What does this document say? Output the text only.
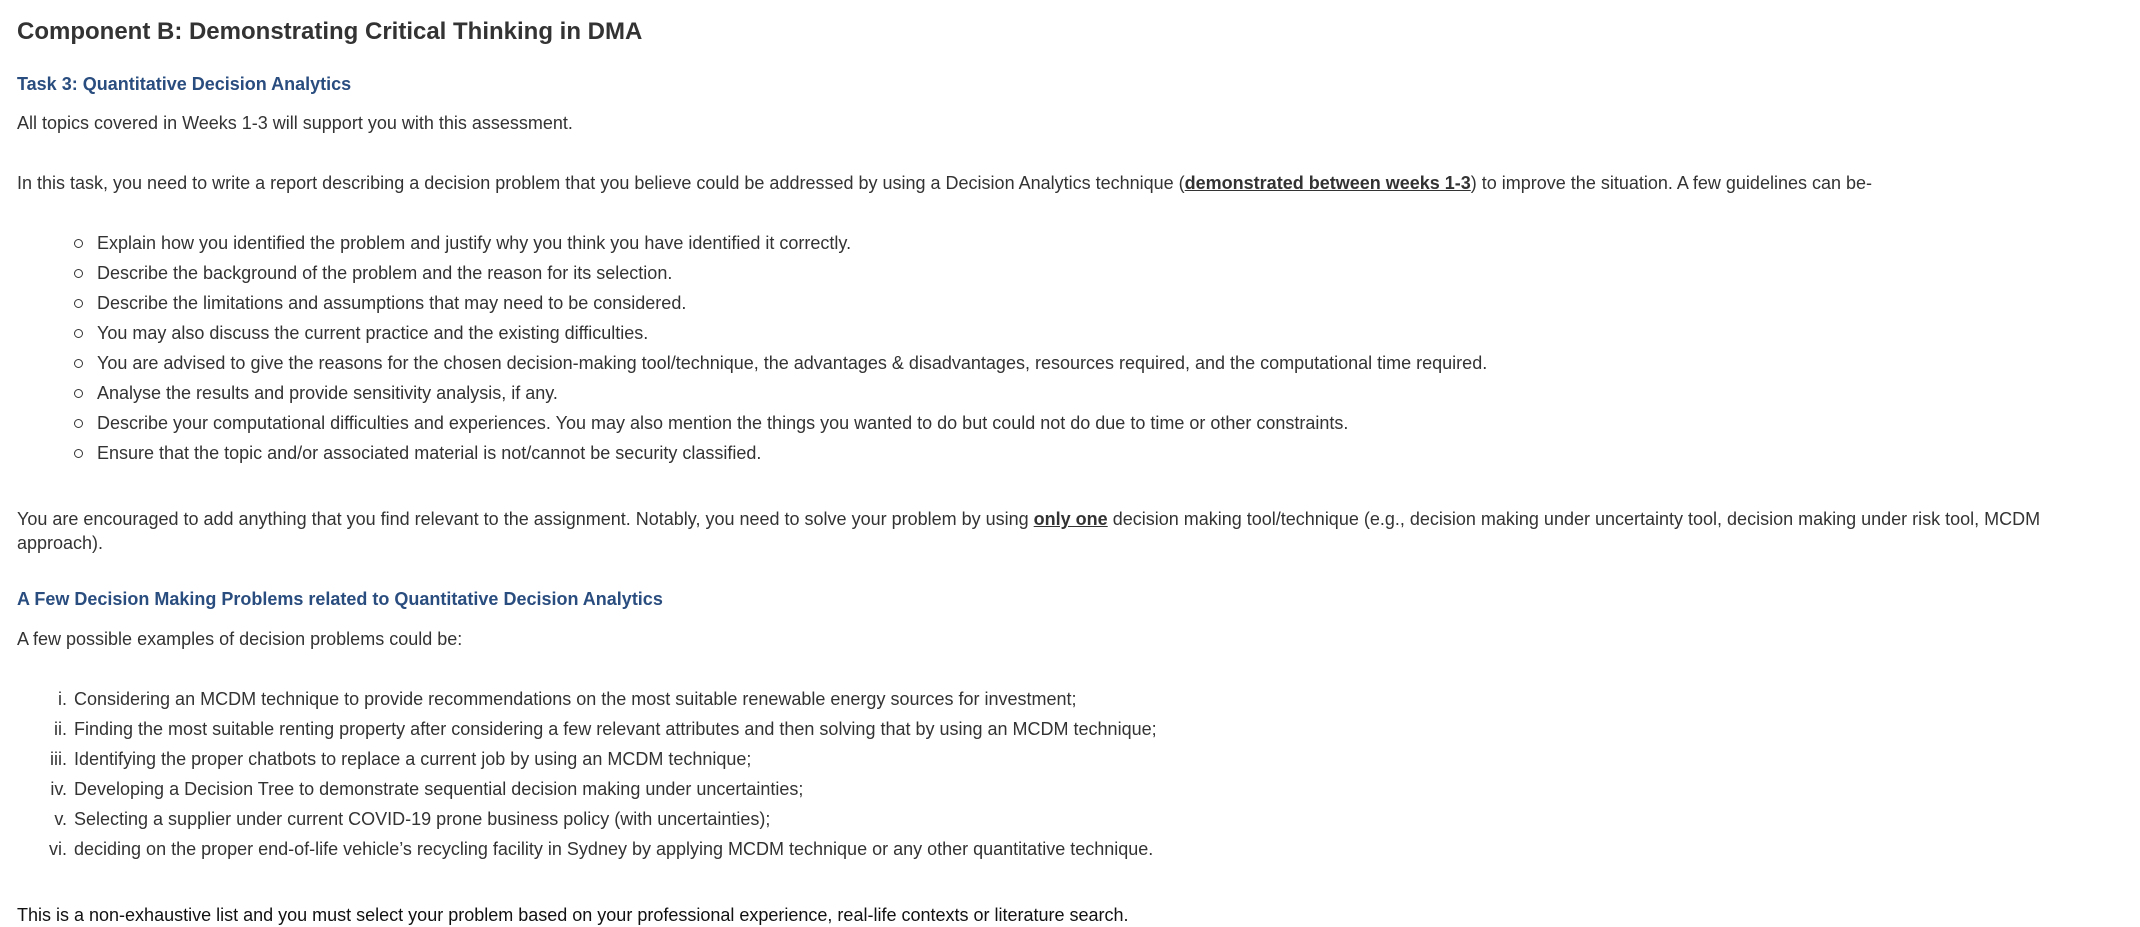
Component B: Demonstrating Critical Thinking in DMA
Task 3: Quantitative Decision Analytics

All topics covered in Weeks 1-3 will support you with this assessment.

In this task, you need to write a report describing a decision problem that you believe could be addressed by using a Decision Analytics technique (demonstrated between weeks 1-3) to improve the situation. A few guidelines can be-

Explain how you identified the problem and justify why you think you have identified it correctly.
Describe the background of the problem and the reason for its selection.
Describe the limitations and assumptions that may need to be considered.
You may also discuss the current practice and the existing difficulties.
You are advised to give the reasons for the chosen decision-making tool/technique, the advantages & disadvantages, resources required, and the computational time required.
Analyse the results and provide sensitivity analysis, if any.
Describe your computational difficulties and experiences. You may also mention the things you wanted to do but could not do due to time or other constraints.
Ensure that the topic and/or associated material is not/cannot be security classified.

You are encouraged to add anything that you find relevant to the assignment. Notably, you need to solve your problem by using only one decision making tool/technique (e.g., decision making under uncertainty tool, decision making under risk tool, MCDM approach).

A Few Decision Making Problems related to Quantitative Decision Analytics

A few possible examples of decision problems could be:

i. Considering an MCDM technique to provide recommendations on the most suitable renewable energy sources for investment;
ii. Finding the most suitable renting property after considering a few relevant attributes and then solving that by using an MCDM technique;
iii. Identifying the proper chatbots to replace a current job by using an MCDM technique;
iv. Developing a Decision Tree to demonstrate sequential decision making under uncertainties;
v. Selecting a supplier under current COVID-19 prone business policy (with uncertainties);
vi. deciding on the proper end-of-life vehicle’s recycling facility in Sydney by applying MCDM technique or any other quantitative technique.

This is a non-exhaustive list and you must select your problem based on your professional experience, real-life contexts or literature search.
